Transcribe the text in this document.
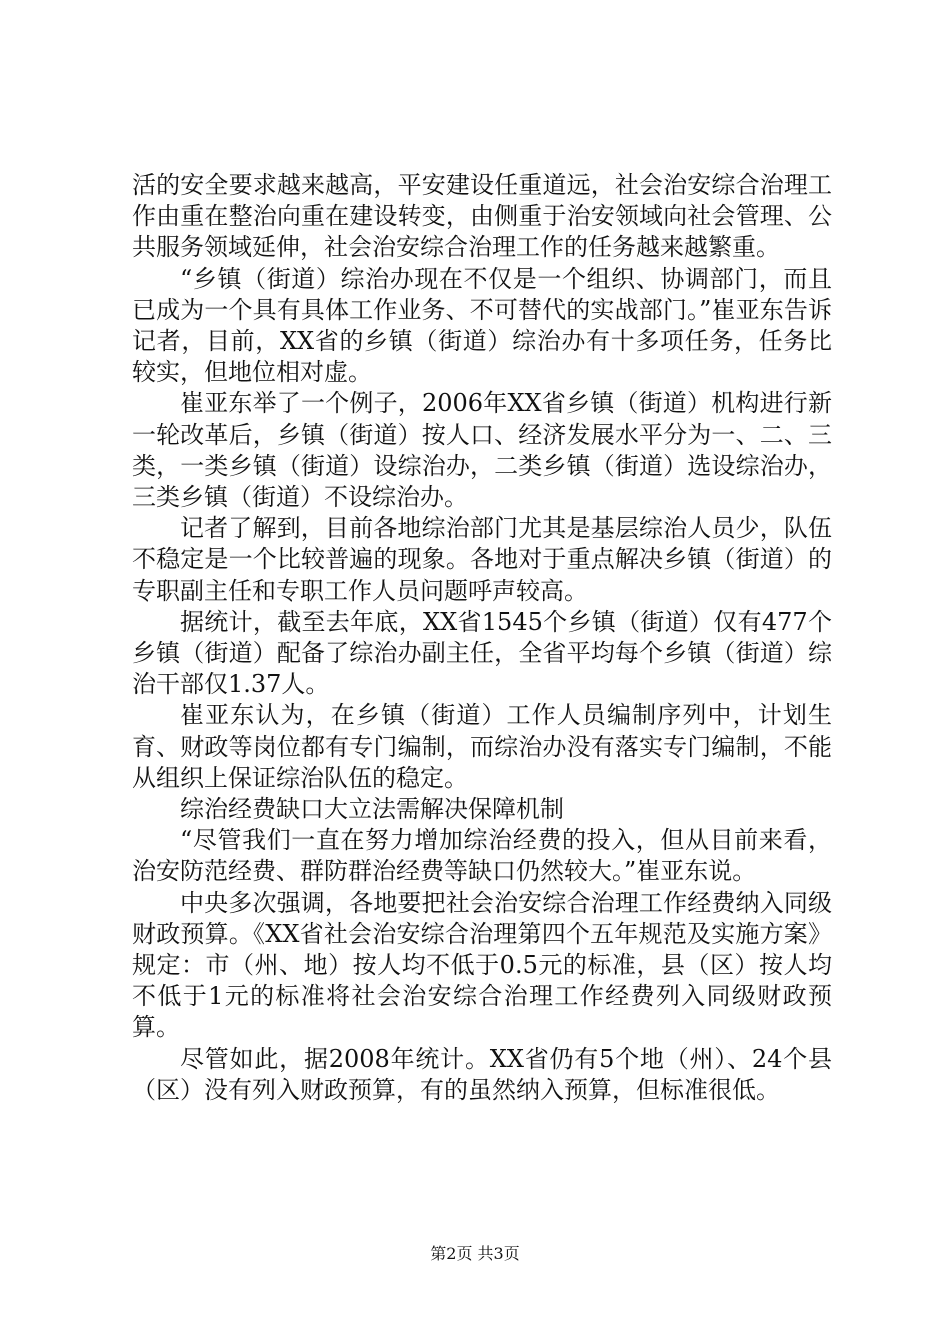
活的安全要求越来越高，平安建设任重道远，社会治安综合治理工作由重在整治向重在建设转变，由侧重于治安领域向社会管理、公共服务领域延伸，社会治安综合治理工作的任务越来越繁重。

“乡镇（街道）综治办现在不仅是一个组织、协调部门，而且已成为一个具有具体工作业务、不可替代的实战部门。”崔亚东告诉记者，目前，XX省的乡镇（街道）综治办有十多项任务，任务比较实，但地位相对虚。

崔亚东举了一个例子，2006年XX省乡镇（街道）机构进行新一轮改革后，乡镇（街道）按人口、经济发展水平分为一、二、三类，一类乡镇（街道）设综治办，二类乡镇（街道）选设综治办，三类乡镇（街道）不设综治办。

记者了解到，目前各地综治部门尤其是基层综治人员少，队伍不稳定是一个比较普遍的现象。各地对于重点解决乡镇（街道）的专职副主任和专职工作人员问题呼声较高。

据统计，截至去年底，XX省1545个乡镇（街道）仅有477个乡镇（街道）配备了综治办副主任，全省平均每个乡镇（街道）综治干部仅1.37人。

崔亚东认为，在乡镇（街道）工作人员编制序列中，计划生育、财政等岗位都有专门编制，而综治办没有落实专门编制，不能从组织上保证综治队伍的稳定。

综治经费缺口大立法需解决保障机制

“尽管我们一直在努力增加综治经费的投入，但从目前来看，治安防范经费、群防群治经费等缺口仍然较大。”崔亚东说。

中央多次强调，各地要把社会治安综合治理工作经费纳入同级财政预算。《XX省社会治安综合治理第四个五年规范及实施方案》规定：市（州、地）按人均不低于0.5元的标准，县（区）按人均不低于1元的标准将社会治安综合治理工作经费列入同级财政预算。

尽管如此，据2008年统计。XX省仍有5个地（州）、24个县（区）没有列入财政预算，有的虽然纳入预算，但标准很低。

第2页 共3页
